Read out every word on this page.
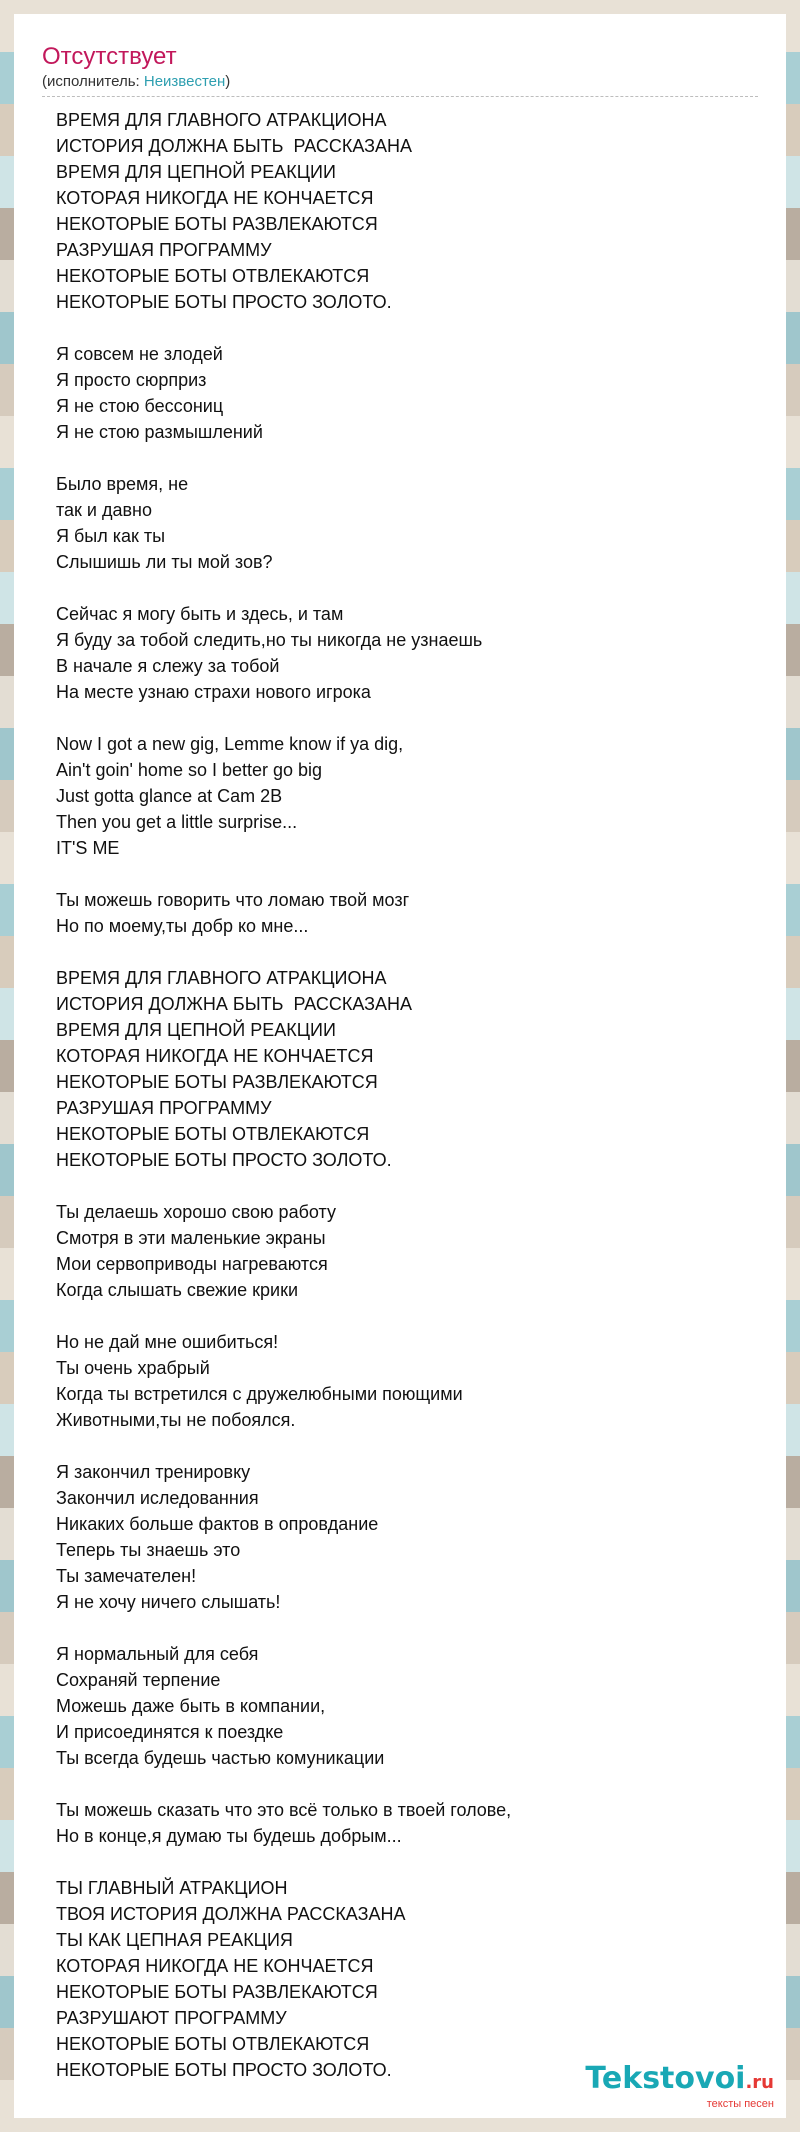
Отсутствует
(исполнитель: Неизвестен)
ВРЕМЯ ДЛЯ ГЛАВНОГО АТРАКЦИОНА
ИСТОРИЯ ДОЛЖНА БЫТЬ  РАССКАЗАНА
ВРЕМЯ ДЛЯ ЦЕПНОЙ РЕАКЦИИ
КОТОРАЯ НИКОГДА НЕ КОНЧАЕТСЯ
НЕКОТОРЫЕ БОТЫ РАЗВЛЕКАЮТСЯ
РАЗРУШАЯ ПРОГРАММУ
НЕКОТОРЫЕ БОТЫ ОТВЛЕКАЮТСЯ
НЕКОТОРЫЕ БОТЫ ПРОСТО ЗОЛОТО.
Я совсем не злодей
Я просто сюрприз
Я не стою бессониц
Я не стою размышлений
Было время, не
так и давно
Я был как ты
Слышишь ли ты мой зов?
Сейчас я могу быть и здесь, и там
Я буду за тобой следить,но ты никогда не узнаешь
В начале я слежу за тобой
На месте узнаю страхи нового игрока
Now I got a new gig, Lemme know if ya dig,
Ain't goin' home so I better go big
Just gotta glance at Cam 2B
Then you get a little surprise...
IT'S ME
Ты можешь говорить что ломаю твой мозг
Но по моему,ты добр ко мне...
ВРЕМЯ ДЛЯ ГЛАВНОГО АТРАКЦИОНА
ИСТОРИЯ ДОЛЖНА БЫТЬ  РАССКАЗАНА
ВРЕМЯ ДЛЯ ЦЕПНОЙ РЕАКЦИИ
КОТОРАЯ НИКОГДА НЕ КОНЧАЕТСЯ
НЕКОТОРЫЕ БОТЫ РАЗВЛЕКАЮТСЯ
РАЗРУШАЯ ПРОГРАММУ
НЕКОТОРЫЕ БОТЫ ОТВЛЕКАЮТСЯ
НЕКОТОРЫЕ БОТЫ ПРОСТО ЗОЛОТО.
Ты делаешь хорошо свою работу
Смотря в эти маленькие экраны
Мои сервоприводы нагреваются
Когда слышать свежие крики
Но не дай мне ошибиться!
Ты очень храбрый
Когда ты встретился с дружелюбными поющими
Животными,ты не побоялся.
Я закончил тренировку
Закончил иследованния
Никаких больше фактов в опровдание
Теперь ты знаешь это
Ты замечателен!
Я не хочу ничего слышать!
Я нормальный для себя
Сохраняй терпение
Можешь даже быть в компании,
И присоединятся к поездке
Ты всегда будешь частью комуникации
Ты можешь сказать что это всё только в твоей голове,
Но в конце,я думаю ты будешь добрым...
ТЫ ГЛАВНЫЙ АТРАКЦИОН
ТВОЯ ИСТОРИЯ ДОЛЖНА РАССКАЗАНА
ТЫ КАК ЦЕПНАЯ РЕАКЦИЯ
КОТОРАЯ НИКОГДА НЕ КОНЧАЕТСЯ
НЕКОТОРЫЕ БОТЫ РАЗВЛЕКАЮТСЯ
РАЗРУШАЮТ ПРОГРАММУ
НЕКОТОРЫЕ БОТЫ ОТВЛЕКАЮТСЯ
НЕКОТОРЫЕ БОТЫ ПРОСТО ЗОЛОТО.	Tekstovoi.ru
тексты песен
